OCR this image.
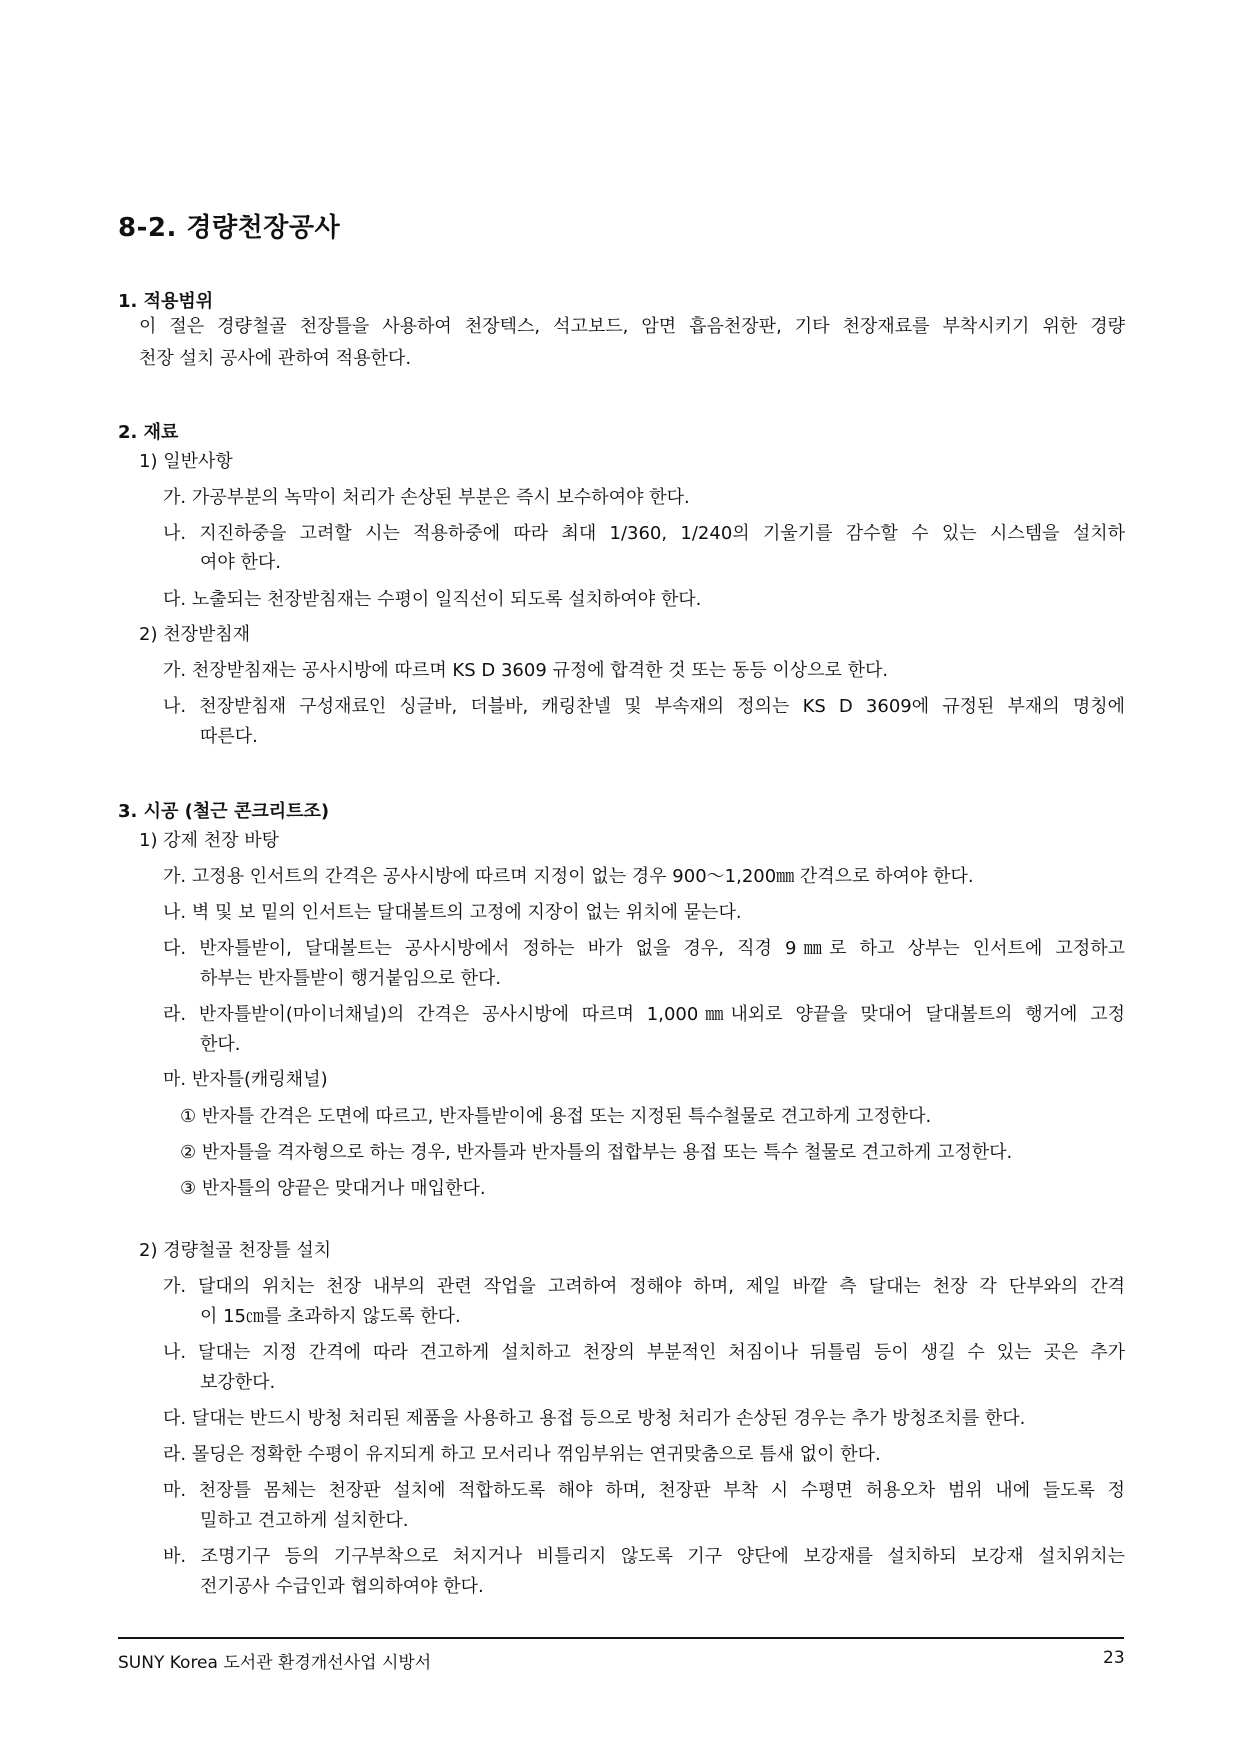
8-2. 경량천장공사
1. 적용범위
이 절은 경량철골 천장틀을 사용하여 천장텍스, 석고보드, 암면 흡음천장판, 기타 천장재료를 부착시키기 위한 경량
천장 설치 공사에 관하여 적용한다.
2. 재료
1) 일반사항
가. 가공부분의 녹막이 처리가 손상된 부분은 즉시 보수하여야 한다.
나. 지진하중을 고려할 시는 적용하중에 따라 최대 1/360, 1/240의 기울기를 감수할 수 있는 시스템을 설치하
여야 한다.
다. 노출되는 천장받침재는 수평이 일직선이 되도록 설치하여야 한다.
2) 천장받침재
가. 천장받침재는 공사시방에 따르며 KS D 3609 규정에 합격한 것 또는 동등 이상으로 한다.
나. 천장받침재 구성재료인 싱글바, 더블바, 캐링찬넬 및 부속재의 정의는 KS D 3609에 규정된 부재의 명칭에
따른다.
3. 시공 (철근 콘크리트조)
1) 강제 천장 바탕
가. 고정용 인서트의 간격은 공사시방에 따르며 지정이 없는 경우 900～1,200㎜ 간격으로 하여야 한다.
나. 벽 및 보 밑의 인서트는 달대볼트의 고정에 지장이 없는 위치에 묻는다.
다. 반자틀받이, 달대볼트는 공사시방에서 정하는 바가 없을 경우, 직경 9㎜로 하고 상부는 인서트에 고정하고
하부는 반자틀받이 행거붙임으로 한다.
라. 반자틀받이(마이너채널)의 간격은 공사시방에 따르며 1,000㎜내외로 양끝을 맞대어 달대볼트의 행거에 고정
한다.
마. 반자틀(캐링채널)
① 반자틀 간격은 도면에 따르고, 반자틀받이에 용접 또는 지정된 특수철물로 견고하게 고정한다.
② 반자틀을 격자형으로 하는 경우, 반자틀과 반자틀의 접합부는 용접 또는 특수 철물로 견고하게 고정한다.
③ 반자틀의 양끝은 맞대거나 매입한다.
2) 경량철골 천장틀 설치
가. 달대의 위치는 천장 내부의 관련 작업을 고려하여 정해야 하며, 제일 바깥 측 달대는 천장 각 단부와의 간격
이 15㎝를 초과하지 않도록 한다.
나. 달대는 지정 간격에 따라 견고하게 설치하고 천장의 부분적인 처짐이나 뒤틀림 등이 생길 수 있는 곳은 추가
보강한다.
다. 달대는 반드시 방청 처리된 제품을 사용하고 용접 등으로 방청 처리가 손상된 경우는 추가 방청조치를 한다.
라. 몰딩은 정확한 수평이 유지되게 하고 모서리나 꺾임부위는 연귀맞춤으로 틈새 없이 한다.
마. 천장틀 몸체는 천장판 설치에 적합하도록 해야 하며, 천장판 부착 시 수평면 허용오차 범위 내에 들도록 정
밀하고 견고하게 설치한다.
바. 조명기구 등의 기구부착으로 처지거나 비틀리지 않도록 기구 양단에 보강재를 설치하되 보강재 설치위치는
전기공사 수급인과 협의하여야 한다.
SUNY Korea 도서관 환경개선사업 시방서	23
